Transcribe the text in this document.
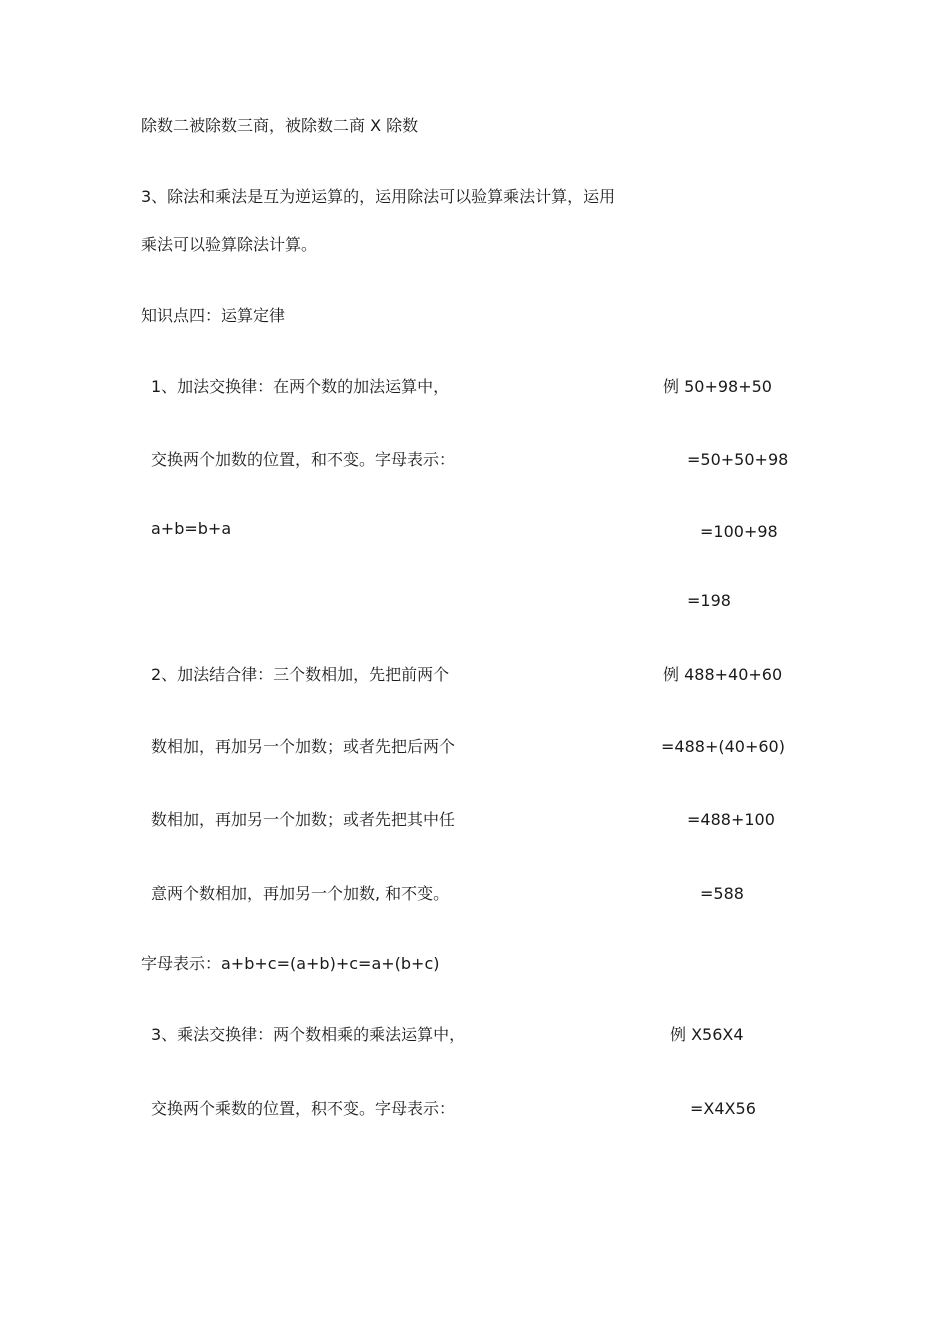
除数二被除数三商，被除数二商 X 除数
3、除法和乘法是互为逆运算的，运用除法可以验算乘法计算，运用
乘法可以验算除法计算。
知识点四：运算定律
1、加法交换律：在两个数的加法运算中，	例 50+98+50
交换两个加数的位置，和不变。字母表示：	=50+50+98
a+b=b+a	=100+98
=198
2、加法结合律：三个数相加，先把前两个	例 488+40+60
数相加，再加另一个加数；或者先把后两个	=488+(40+60)
数相加，再加另一个加数；或者先把其中任	=488+100
意两个数相加，再加另一个加数, 和不变。	=588
字母表示：a+b+c=(a+b)+c=a+(b+c)
3、乘法交换律：两个数相乘的乘法运算中，	例 X56X4
交换两个乘数的位置，积不变。字母表示：	=X4X56
